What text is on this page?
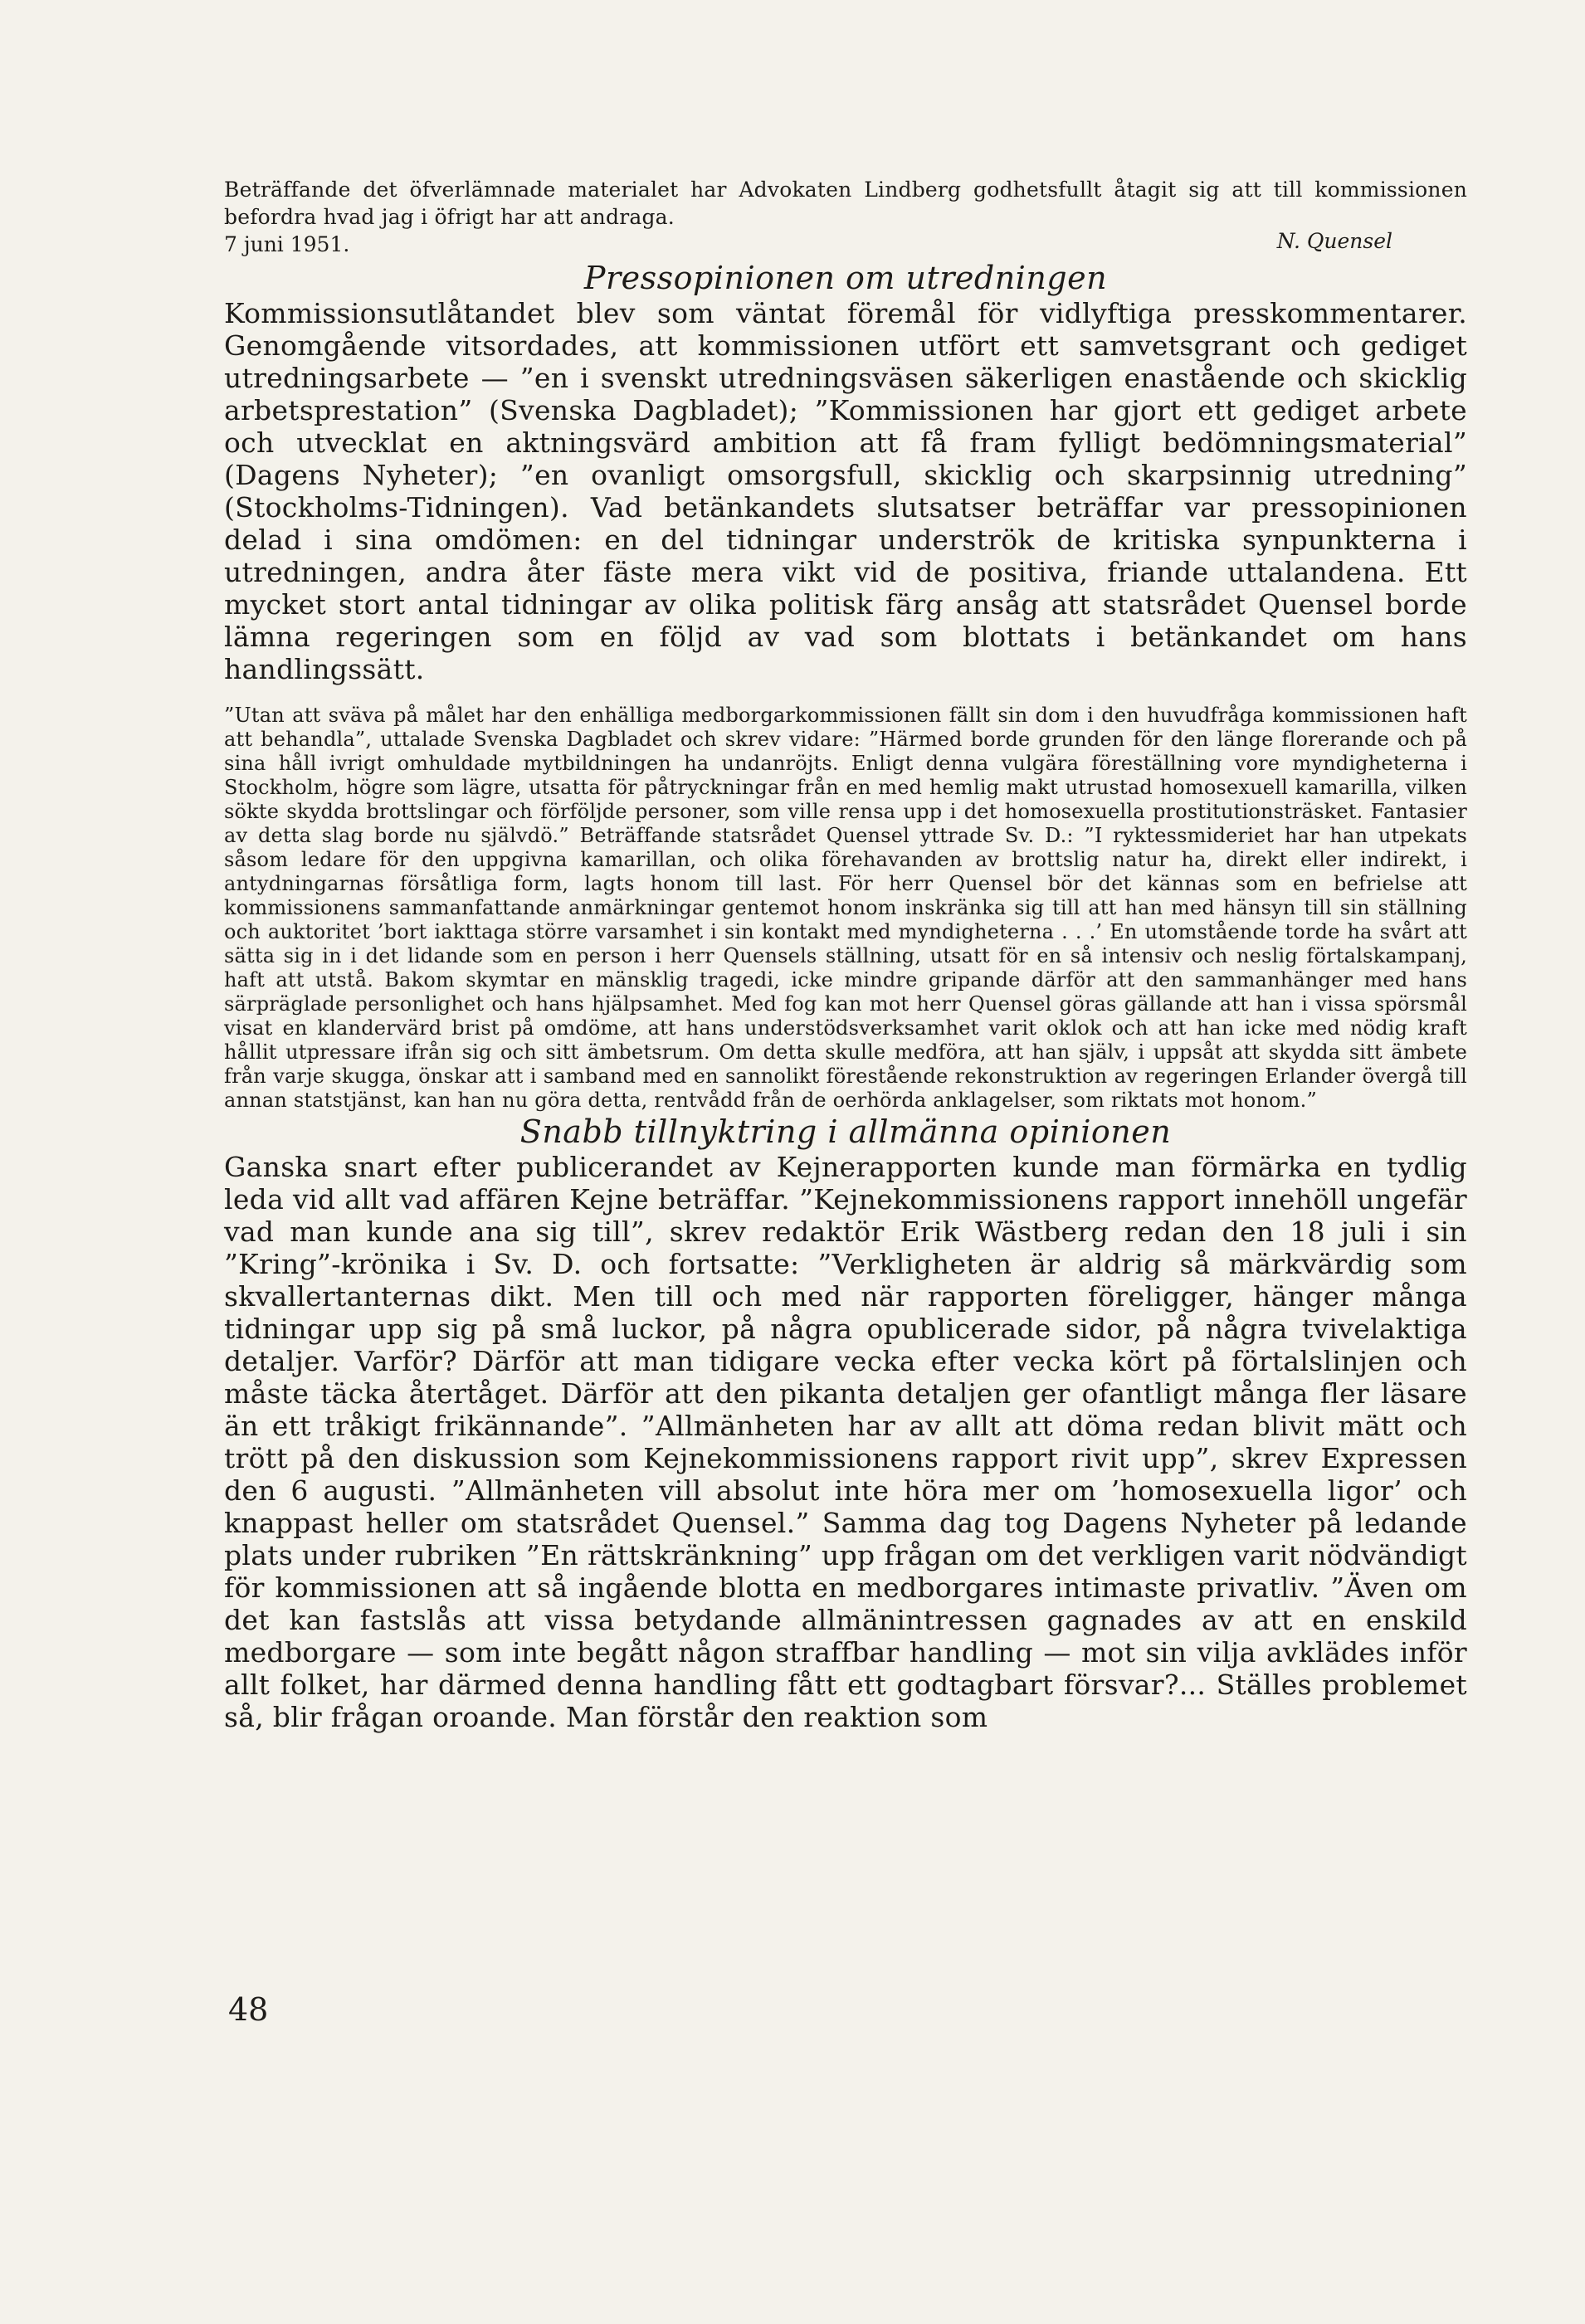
Beträffande det öfverlämnade materialet har Advokaten Lindberg godhetsfullt åtagit sig att till kommissionen befordra hvad jag i öfrigt har att andraga.

7 juni 1951.	N. Quensel
Pressopinionen om utredningen

Kommissionsutlåtandet blev som väntat föremål för vidlyftiga presskommentarer. Genomgående vitsordades, att kommissionen utfört ett samvetsgrant och gediget utredningsarbete — ”en i svenskt utredningsväsen säkerligen enastående och skicklig arbetsprestation” (Svenska Dagbladet); ”Kommissionen har gjort ett gediget arbete och utvecklat en aktningsvärd ambition att få fram fylligt bedömningsmaterial” (Dagens Nyheter); ”en ovanligt omsorgsfull, skicklig och skarpsinnig utredning” (Stockholms-Tidningen). Vad betänkandets slutsatser beträffar var pressopinionen delad i sina omdömen: en del tidningar underströk de kritiska synpunkterna i utredningen, andra åter fäste mera vikt vid de positiva, friande uttalandena. Ett mycket stort antal tidningar av olika politisk färg ansåg att statsrådet Quensel borde lämna regeringen som en följd av vad som blottats i betänkandet om hans handlingssätt.

”Utan att sväva på målet har den enhälliga medborgarkommissionen fällt sin dom i den huvudfråga kommissionen haft att behandla”, uttalade Svenska Dagbladet och skrev vidare: ”Härmed borde grunden för den länge florerande och på sina håll ivrigt omhuldade mytbildningen ha undanröjts. Enligt denna vulgära föreställning vore myndigheterna i Stockholm, högre som lägre, utsatta för påtryckningar från en med hemlig makt utrustad homosexuell kamarilla, vilken sökte skydda brottslingar och förföljde personer, som ville rensa upp i det homosexuella prostitutionsträsket. Fantasier av detta slag borde nu självdö.” Beträffande statsrådet Quensel yttrade Sv. D.: ”I ryktessmideriet har han utpekats såsom ledare för den uppgivna kamarillan, och olika förehavanden av brottslig natur ha, direkt eller indirekt, i antydningarnas försåtliga form, lagts honom till last. För herr Quensel bör det kännas som en befrielse att kommissionens sammanfattande anmärkningar gentemot honom inskränka sig till att han med hänsyn till sin ställning och auktoritet ’bort iakttaga större varsamhet i sin kontakt med myndigheterna . . .’ En utomstående torde ha svårt att sätta sig in i det lidande som en person i herr Quensels ställning, utsatt för en så intensiv och neslig förtalskampanj, haft att utstå. Bakom skymtar en mänsklig tragedi, icke mindre gripande därför att den sammanhänger med hans särpräglade personlighet och hans hjälpsamhet. Med fog kan mot herr Quensel göras gällande att han i vissa spörsmål visat en klandervärd brist på omdöme, att hans understödsverksamhet varit oklok och att han icke med nödig kraft hållit utpressare ifrån sig och sitt ämbetsrum. Om detta skulle medföra, att han själv, i uppsåt att skydda sitt ämbete från varje skugga, önskar att i samband med en sannolikt förestående rekonstruktion av regeringen Erlander övergå till annan statstjänst, kan han nu göra detta, rentvådd från de oerhörda anklagelser, som riktats mot honom.”

Snabb tillnyktring i allmänna opinionen

Ganska snart efter publicerandet av Kejnerapporten kunde man förmärka en tydlig leda vid allt vad affären Kejne beträffar. ”Kejnekommissionens rapport innehöll ungefär vad man kunde ana sig till”, skrev redaktör Erik Wästberg redan den 18 juli i sin ”Kring”-krönika i Sv. D. och fortsatte: ”Verkligheten är aldrig så märkvärdig som skvallertanternas dikt. Men till och med när rapporten föreligger, hänger många tidningar upp sig på små luckor, på några opublicerade sidor, på några tvivelaktiga detaljer. Varför? Därför att man tidigare vecka efter vecka kört på förtalslinjen och måste täcka återtåget. Därför att den pikanta detaljen ger ofantligt många fler läsare än ett tråkigt frikännande”. ”Allmänheten har av allt att döma redan blivit mätt och trött på den diskussion som Kejnekommissionens rapport rivit upp”, skrev Expressen den 6 augusti. ”Allmänheten vill absolut inte höra mer om ’homosexuella ligor’ och knappast heller om statsrådet Quensel.” Samma dag tog Dagens Nyheter på ledande plats under rubriken ”En rättskränkning” upp frågan om det verkligen varit nödvändigt för kommissionen att så ingående blotta en medborgares intimaste privatliv. ”Även om det kan fastslås att vissa betydande allmänintressen gagnades av att en enskild medborgare — som inte begått någon straffbar handling — mot sin vilja avklädes inför allt folket, har därmed denna handling fått ett godtagbart försvar?... Ställes problemet så, blir frågan oroande. Man förstår den reaktion som

48
